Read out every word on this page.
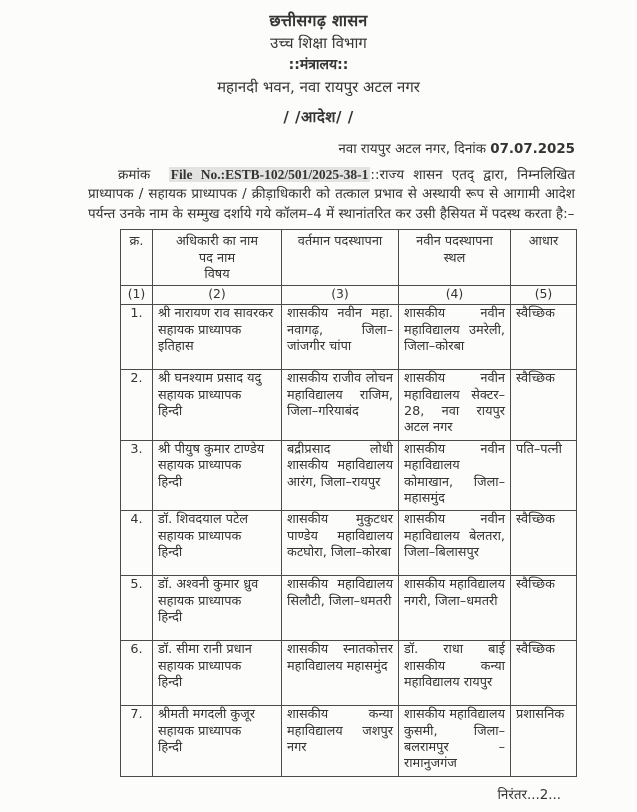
छत्तीसगढ़ शासन
उच्च शिक्षा विभाग
::मंत्रालय::
महानदी भवन, नवा रायपुर अटल नगर
/ /आदेश/ /
नवा रायपुर अटल नगर, दिनांक 07.07.2025

क्रमांक File No.:ESTB-102/501/2025-38-1 ::राज्य शासन एतद् द्वारा, निम्नलिखित प्राध्यापक / सहायक प्राध्यापक / क्रीड़ाधिकारी को तत्काल प्रभाव से अस्थायी रूप से आगामी आदेश पर्यन्त उनके नाम के सम्मुख दर्शाये गये कॉलम–4 में स्थानांतरित कर उसी हैसियत में पदस्थ करता है:–

क्र.	अधिकारी का नाम
पद नाम
विषय
	वर्तमान पदस्थापना	नवीन पदस्थापना
स्थल
	आधार
(1)	(2)	(3)	(4)	(5)
1.	श्री नारायण राव सावरकर
सहायक प्राध्यापक
इतिहास	शासकीय नवीन महा. नवागढ़, जिला–जांजगीर चांपा	शासकीय नवीन महाविद्यालय उमरेली, जिला–कोरबा	स्वैच्छिक
2.	श्री घनश्याम प्रसाद यदु
सहायक प्राध्यापक
हिन्दी	शासकीय राजीव लोचन महाविद्यालय राजिम, जिला–गरियाबंद	शासकीय नवीन महाविद्यालय सेक्टर–28, नवा रायपुर अटल नगर	स्वैच्छिक
3.	श्री पीयुष कुमार टाण्डेय
सहायक प्राध्यापक
हिन्दी	बद्रीप्रसाद लोधी शासकीय महाविद्यालय आरंग, जिला–रायपुर	शासकीय नवीन महाविद्यालय कोमाखान, जिला–महासमुंद	पति–पत्नी
4.	डॉ. शिवदयाल पटेल
सहायक प्राध्यापक
हिन्दी	शासकीय मुकुटधर पाण्डेय महाविद्यालय कटघोरा, जिला–कोरबा	शासकीय नवीन महाविद्यालय बेलतरा, जिला–बिलासपुर	स्वैच्छिक
5.	डॉ. अश्वनी कुमार ध्रुव
सहायक प्राध्यापक
हिन्दी	शासकीय महाविद्यालय सिलौटी, जिला–धमतरी	शासकीय महाविद्यालय नगरी, जिला–धमतरी	स्वैच्छिक
6.	डॉ. सीमा रानी प्रधान
सहायक प्राध्यापक
हिन्दी	शासकीय स्नातकोत्तर महाविद्यालय महासमुंद	डॉ. राधा बाई शासकीय कन्या महाविद्यालय रायपुर	स्वैच्छिक
7.	श्रीमती मगदली कुजूर
सहायक प्राध्यापक
हिन्दी	शासकीय कन्या महाविद्यालय जशपुर नगर	शासकीय महाविद्यालय कुसमी, जिला–बलरामपुर – रामानुजगंज	प्रशासनिक
निरंतर...2...
